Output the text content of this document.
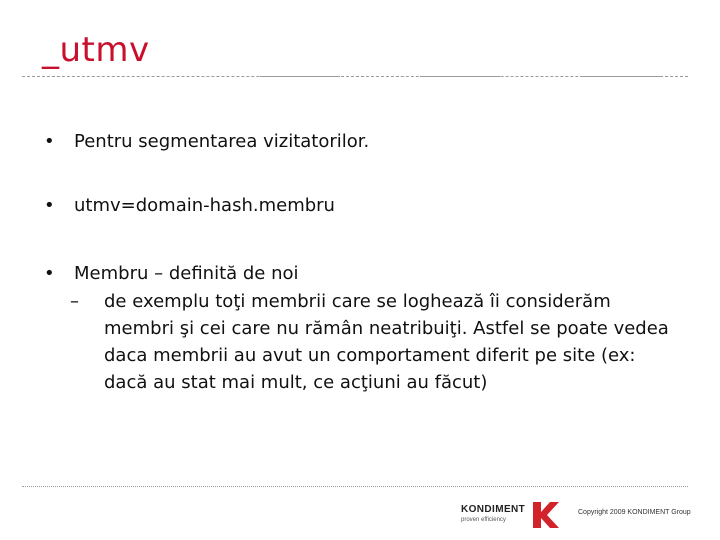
_utmv
•	Pentru segmentarea vizitatorilor.
•	utmv=domain-hash.membru
•	Membru – definită de noi
– de exemplu toţi membrii care se loghează îi considerăm membri şi cei care nu rămân neatribuiţi. Astfel se poate vedea daca membrii au avut un comportament diferit pe site (ex: dacă au stat mai mult, ce acţiuni au făcut)
KONDIMENT
proven efficiency
Copyright 2009 KONDIMENT Group
